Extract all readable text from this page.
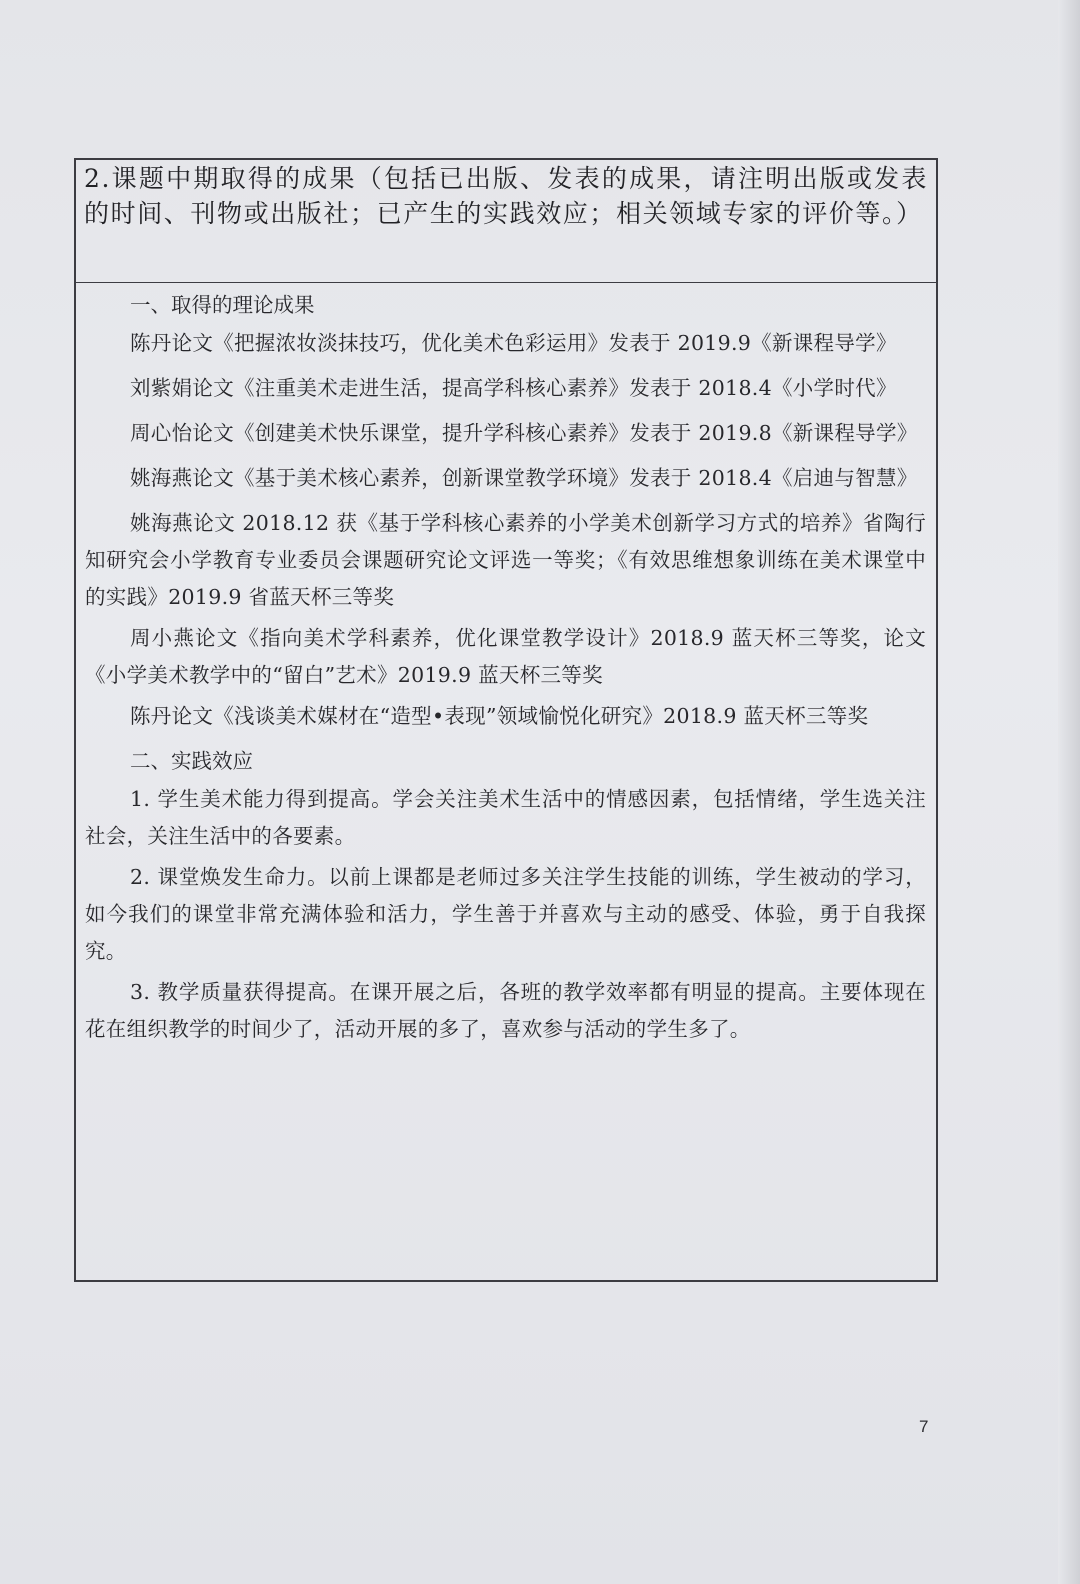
2.课题中期取得的成果（包括已出版、发表的成果，请注明出版或发表的时间、刊物或出版社；已产生的实践效应；相关领域专家的评价等。）

一、取得的理论成果

陈丹论文《把握浓妆淡抹技巧，优化美术色彩运用》发表于 2019.9《新课程导学》

刘紫娟论文《注重美术走进生活，提高学科核心素养》发表于 2018.4《小学时代》

周心怡论文《创建美术快乐课堂，提升学科核心素养》发表于 2019.8《新课程导学》

姚海燕论文《基于美术核心素养，创新课堂教学环境》发表于 2018.4《启迪与智慧》

姚海燕论文 2018.12 获《基于学科核心素养的小学美术创新学习方式的培养》省陶行知研究会小学教育专业委员会课题研究论文评选一等奖；《有效思维想象训练在美术课堂中的实践》2019.9 省蓝天杯三等奖

周小燕论文《指向美术学科素养，优化课堂教学设计》2018.9 蓝天杯三等奖，论文《小学美术教学中的“留白”艺术》2019.9 蓝天杯三等奖

陈丹论文《浅谈美术媒材在“造型•表现”领域愉悦化研究》2018.9 蓝天杯三等奖

二、实践效应

1. 学生美术能力得到提高。学会关注美术生活中的情感因素，包括情绪，学生选关注社会，关注生活中的各要素。

2. 课堂焕发生命力。以前上课都是老师过多关注学生技能的训练，学生被动的学习，如今我们的课堂非常充满体验和活力，学生善于并喜欢与主动的感受、体验，勇于自我探究。

3. 教学质量获得提高。在课开展之后，各班的教学效率都有明显的提高。主要体现在花在组织教学的时间少了，活动开展的多了，喜欢参与活动的学生多了。

7
